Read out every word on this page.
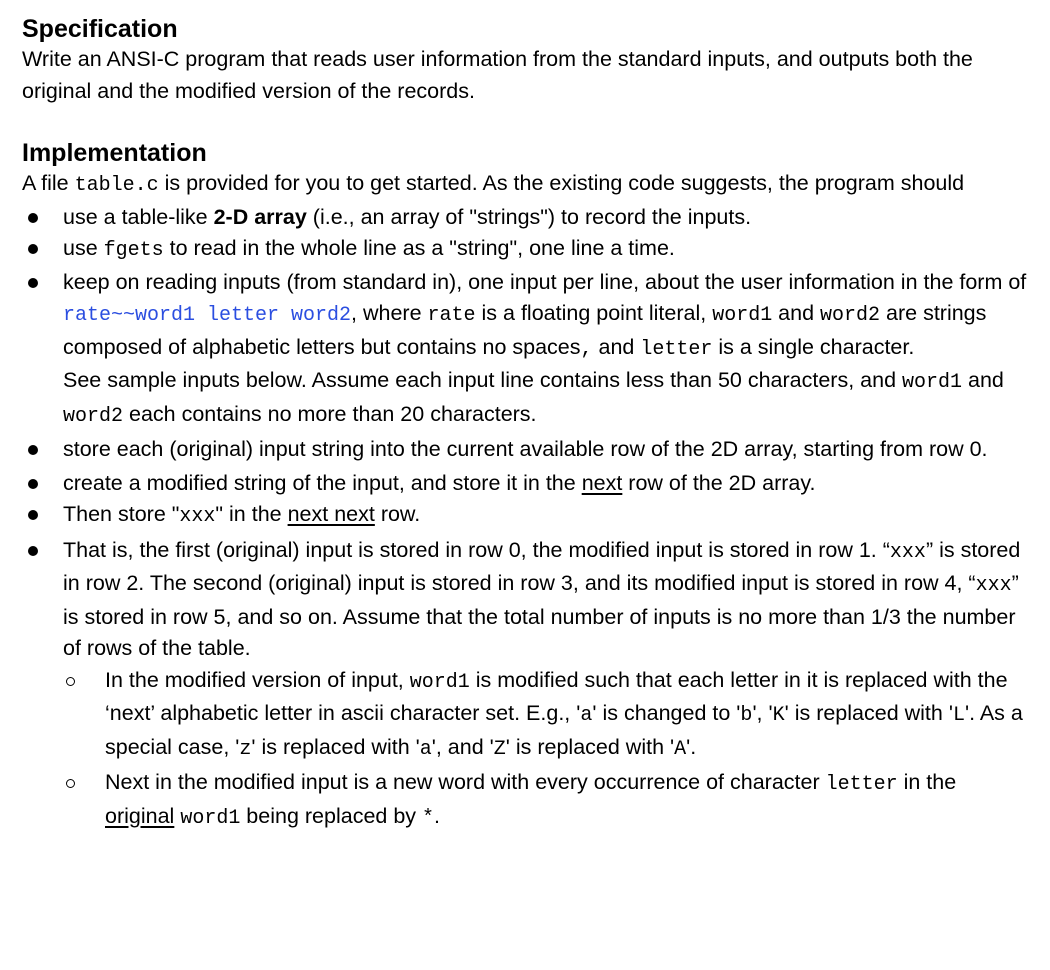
Specification

Write an ANSI-C program that reads user information from the standard inputs, and outputs both the original and the modified version of the records.

Implementation

A file table.c is provided for you to get started. As the existing code suggests, the program should

use a table-like 2-D array (i.e., an array of "strings") to record the inputs.
use fgets to read in the whole line as a "string", one line a time.
keep on reading inputs (from standard in), one input per line, about the user information in the form of rate~~word1 letter word2, where rate is a floating point literal, word1 and word2 are strings composed of alphabetic letters but contains no spaces, and letter is a single character.
See sample inputs below. Assume each input line contains less than 50 characters, and word1 and word2 each contains no more than 20 characters.
store each (original) input string into the current available row of the 2D array, starting from row 0.
create a modified string of the input, and store it in the next row of the 2D array.
Then store "xxx" in the next next row.
That is, the first (original) input is stored in row 0, the modified input is stored in row 1. “xxx” is stored in row 2. The second (original) input is stored in row 3, and its modified input is stored in row 4, “xxx” is stored in row 5, and so on. Assume that the total number of inputs is no more than 1/3 the number of rows of the table.
In the modified version of input, word1 is modified such that each letter in it is replaced with the ‘next’ alphabetic letter in ascii character set. E.g., 'a' is changed to 'b', 'K' is replaced with 'L'. As a special case, 'z' is replaced with 'a', and 'Z' is replaced with 'A'.
Next in the modified input is a new word with every occurrence of character letter in the original word1 being replaced by *.
